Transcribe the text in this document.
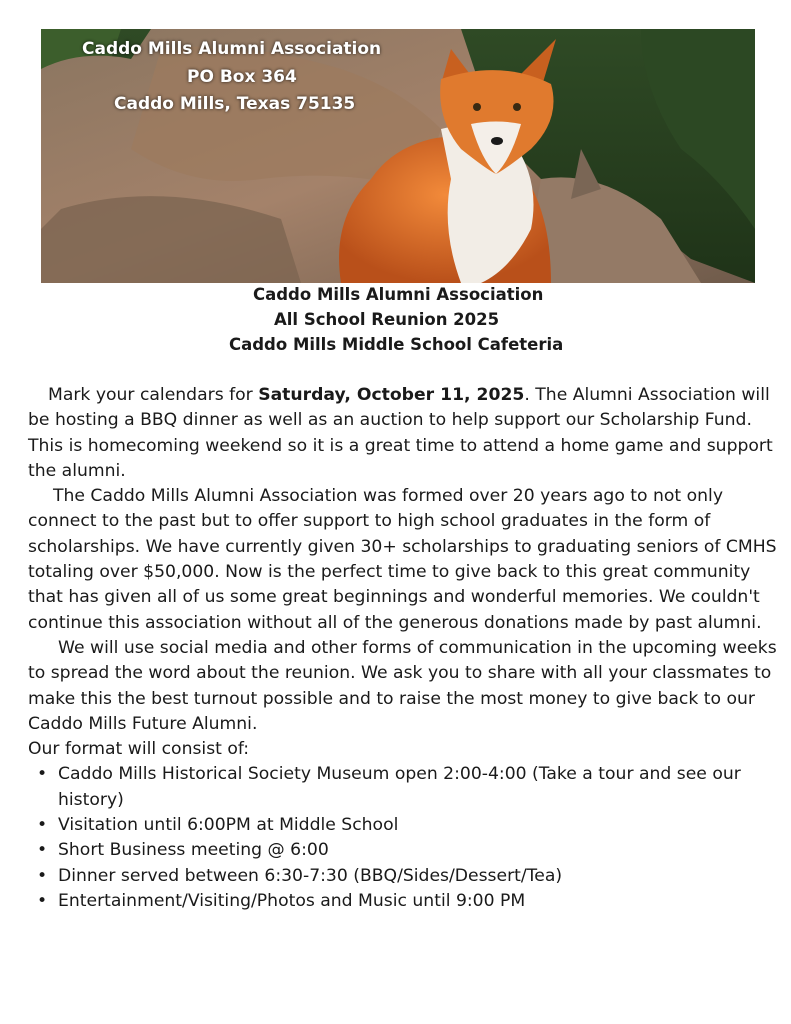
Caddo Mills Alumni Association
PO Box 364
Caddo Mills, Texas 75135
Caddo Mills Alumni Association
All School Reunion 2025
Caddo Mills Middle School Cafeteria

Mark your calendars for Saturday, October 11, 2025. The Alumni Association will be hosting a BBQ dinner as well as an auction to help support our Scholarship Fund. This is homecoming weekend so it is a great time to attend a home game and support the alumni.

The Caddo Mills Alumni Association was formed over 20 years ago to not only connect to the past but to offer support to high school graduates in the form of scholarships. We have currently given 30+ scholarships to graduating seniors of CMHS totaling over $50,000. Now is the perfect time to give back to this great community that has given all of us some great beginnings and wonderful memories. We couldn't continue this association without all of the generous donations made by past alumni.

We will use social media and other forms of communication in the upcoming weeks to spread the word about the reunion. We ask you to share with all your classmates to make this the best turnout possible and to raise the most money to give back to our Caddo Mills Future Alumni.

Our format will consist of:

• Caddo Mills Historical Society Museum open 2:00-4:00 (Take a tour and see our history)
• Visitation until 6:00PM at Middle School
• Short Business meeting @ 6:00
• Dinner served between 6:30-7:30 (BBQ/Sides/Dessert/Tea)
• Entertainment/Visiting/Photos and Music until 9:00 PM
